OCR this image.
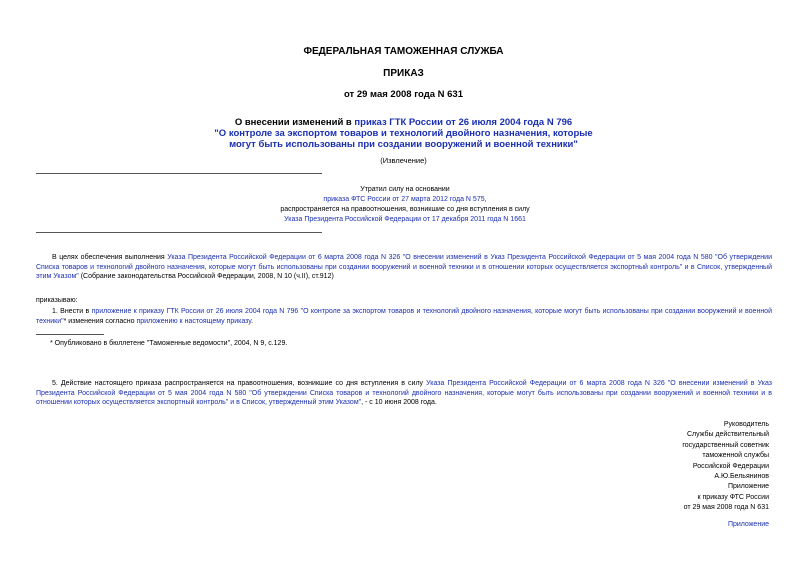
ФЕДЕРАЛЬНАЯ ТАМОЖЕННАЯ СЛУЖБА
ПРИКАЗ
от 29 мая 2008 года N 631
О внесении изменений в приказ ГТК России от 26 июля 2004 года N 796
"О контроле за экспортом товаров и технологий двойного назначения, которые
могут быть использованы при создании вооружений и военной техники"
(Извлечение)
Утратил силу на основании
приказа ФТС России от 27 марта 2012 года N 575,
распространяется на правоотношения, возникшие со дня вступления в силу
Указа Президента Российской Федерации от 17 декабря 2011 года N 1661
В целях обеспечения выполнения Указа Президента Российской Федерации от 6 марта 2008 года N 326 "О внесении изменений в Указ Президента Российской Федерации от 5 мая 2004 года N 580 "Об утверждении Списка товаров и технологий двойного назначения, которые могут быть использованы при создании вооружений и военной техники и в отношении которых осуществляется экспортный контроль" и в Список, утвержденный этим Указом" (Собрание законодательства Российской Федерации, 2008, N 10 (ч.II), ст.912)
приказываю:
1. Внести в приложение к приказу ГТК России от 26 июля 2004 года N 796 "О контроле за экспортом товаров и технологий двойного назначения, которые могут быть использованы при создании вооружений и военной техники"* изменения согласно приложению к настоящему приказу.
* Опубликовано в бюллетене "Таможенные ведомости", 2004, N 9, с.129.
5. Действие настоящего приказа распространяется на правоотношения, возникшие со дня вступления в силу Указа Президента Российской Федерации от 6 марта 2008 года N 326 "О внесении изменений в Указ Президента Российской Федерации от 5 мая 2004 года N 580 "Об утверждении Списка товаров и технологий двойного назначения, которые могут быть использованы при создании вооружений и военной техники и в отношении которых осуществляется экспортный контроль" и в Список, утвержденный этим Указом", - с 10 июня 2008 года.
Руководитель
Службы действительный
государственный советник
таможенной службы
Российской Федерации
А.Ю.Бельянинов
Приложение
к приказу ФТС России
от 29 мая 2008 года N 631
Приложение
